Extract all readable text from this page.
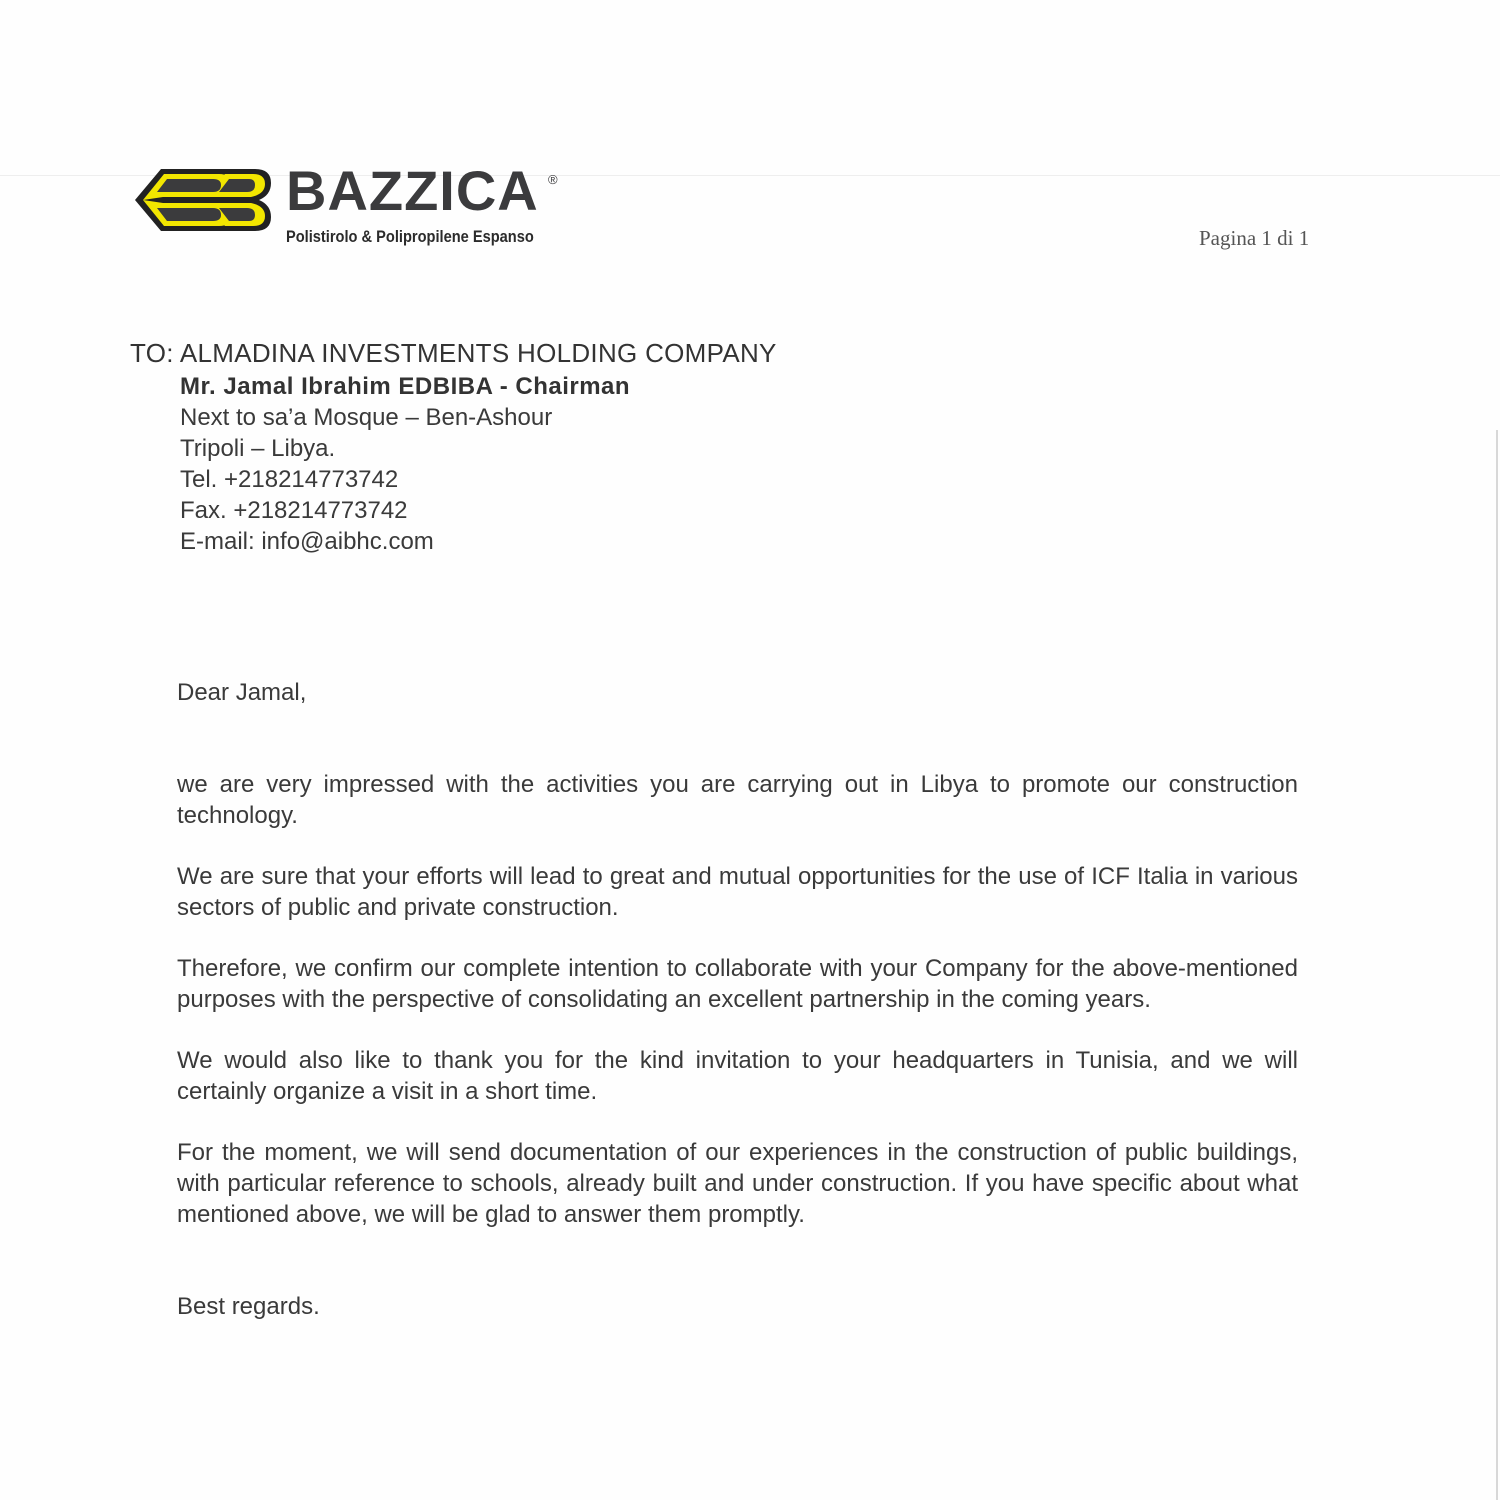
BAZZICA ®
Polistirolo & Polipropilene Espanso	Pagina 1 di 1
TO: ALMADINA INVESTMENTS HOLDING COMPANY
Mr. Jamal Ibrahim EDBIBA - Chairman
Next to sa’a Mosque – Ben-Ashour
Tripoli – Libya.
Tel. +218214773742
Fax. +218214773742
E-mail: info@aibhc.com

Dear Jamal,

we are very impressed with the activities you are carrying out in Libya to promote our construction technology.

We are sure that your efforts will lead to great and mutual opportunities for the use of ICF Italia in various sectors of public and private construction.

Therefore, we confirm our complete intention to collaborate with your Company for the above-mentioned purposes with the perspective of consolidating an excellent partnership in the coming years.

We would also like to thank you for the kind invitation to your headquarters in Tunisia, and we will certainly organize a visit in a short time.

For the moment, we will send documentation of our experiences in the construction of public buildings, with particular reference to schools, already built and under construction. If you have specific about what mentioned above, we will be glad to answer them promptly.

Best regards.
